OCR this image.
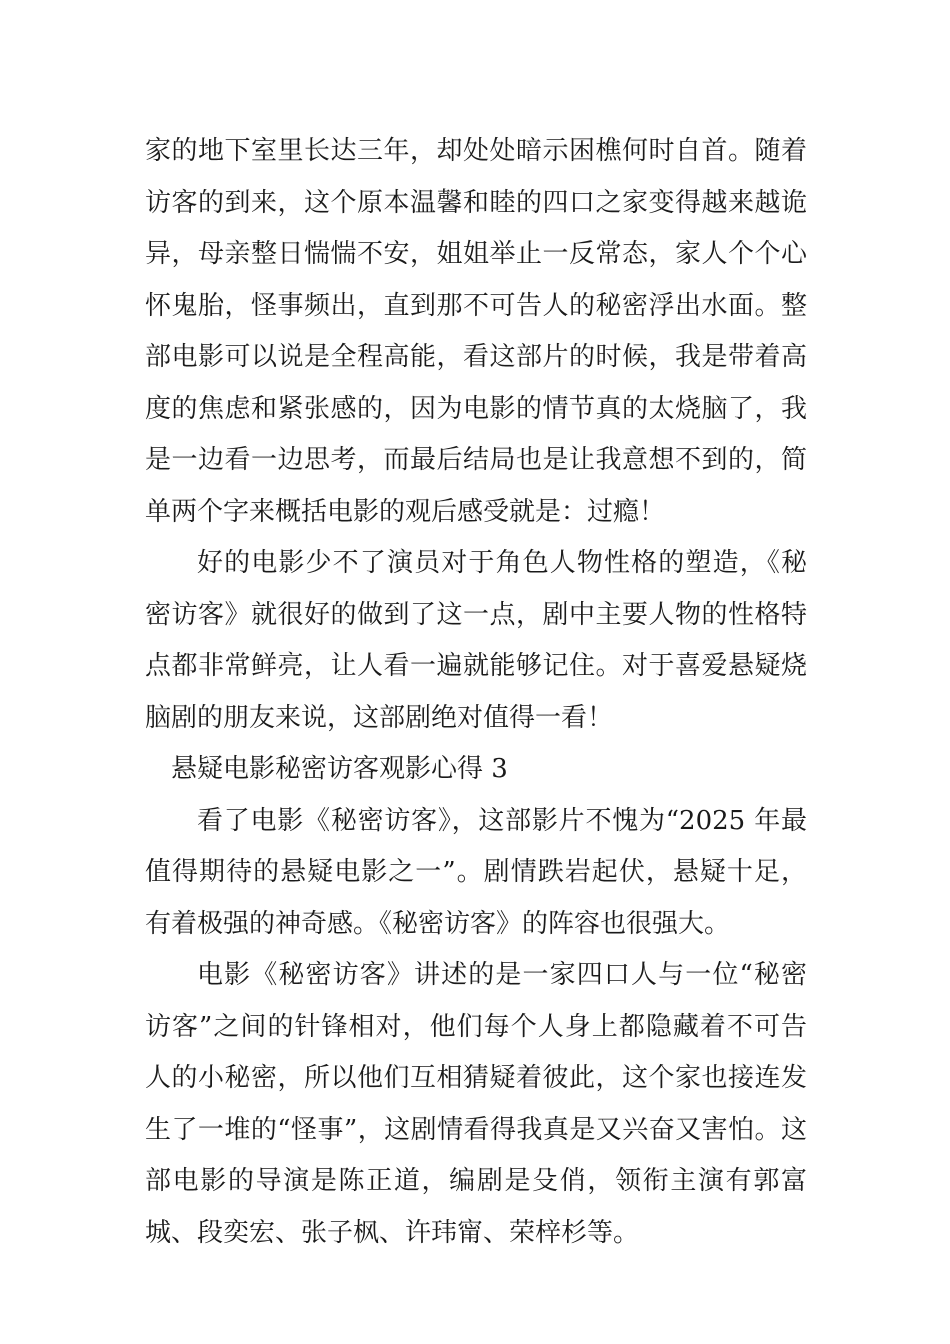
家的地下室里长达三年，却处处暗示困樵何时自首。随着访客的到来，这个原本温馨和睦的四口之家变得越来越诡异，母亲整日惴惴不安，姐姐举止一反常态，家人个个心怀鬼胎，怪事频出，直到那不可告人的秘密浮出水面。整部电影可以说是全程高能，看这部片的时候，我是带着高度的焦虑和紧张感的，因为电影的情节真的太烧脑了，我是一边看一边思考，而最后结局也是让我意想不到的，简单两个字来概括电影的观后感受就是：过瘾！

好的电影少不了演员对于角色人物性格的塑造，《秘密访客》就很好的做到了这一点，剧中主要人物的性格特点都非常鲜亮，让人看一遍就能够记住。对于喜爱悬疑烧脑剧的朋友来说，这部剧绝对值得一看！

悬疑电影秘密访客观影心得 3

看了电影《秘密访客》，这部影片不愧为“2025 年最值得期待的悬疑电影之一”。剧情跌岩起伏，悬疑十足，有着极强的神奇感。《秘密访客》的阵容也很强大。

电影《秘密访客》讲述的是一家四口人与一位“秘密访客”之间的针锋相对，他们每个人身上都隐藏着不可告人的小秘密，所以他们互相猜疑着彼此，这个家也接连发生了一堆的“怪事”，这剧情看得我真是又兴奋又害怕。这部电影的导演是陈正道，编剧是殳俏，领衔主演有郭富城、段奕宏、张子枫、许玮甯、荣梓杉等。
